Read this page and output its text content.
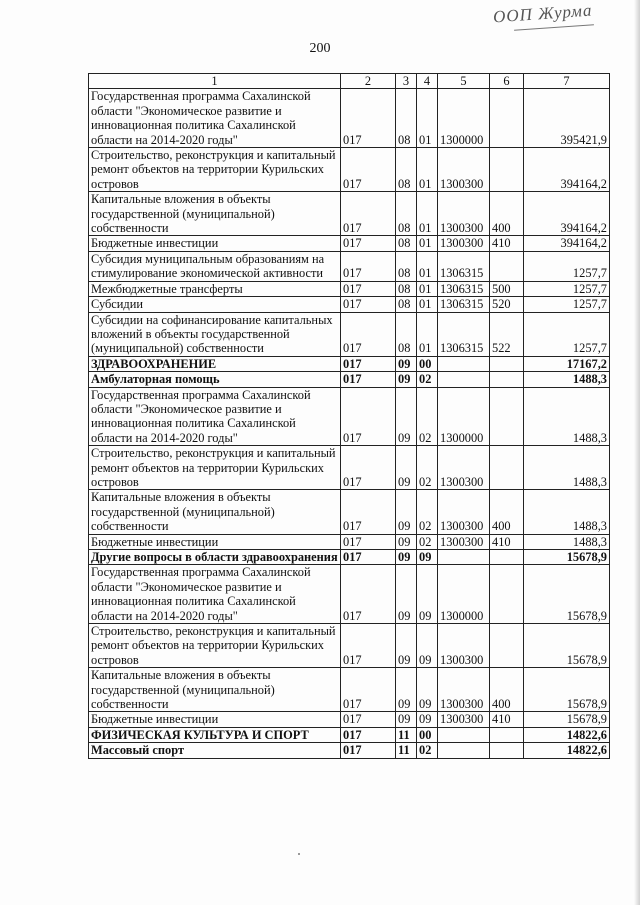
ООП Журма
200
1	2	3	4	5	6	7
Государственная программа Сахалинской области "Экономическое развитие и инновационная политика Сахалинской области на 2014-2020 годы"	017	08	01	1300000		395421,9
Строительство, реконструкция и капитальный ремонт объектов на территории Курильских островов	017	08	01	1300300		394164,2
Капитальные вложения в объекты государственной (муниципальной) собственности	017	08	01	1300300	400	394164,2
Бюджетные инвестиции	017	08	01	1300300	410	394164,2
Субсидия муниципальным образованиям на стимулирование экономической активности	017	08	01	1306315		1257,7
Межбюджетные трансферты	017	08	01	1306315	500	1257,7
Субсидии	017	08	01	1306315	520	1257,7
Субсидии на софинансирование капитальных вложений в объекты государственной (муниципальной) собственности	017	08	01	1306315	522	1257,7
ЗДРАВООХРАНЕНИЕ	017	09	00			17167,2
Амбулаторная помощь	017	09	02			1488,3
Государственная программа Сахалинской области "Экономическое развитие и инновационная политика Сахалинской области на 2014-2020 годы"	017	09	02	1300000		1488,3
Строительство, реконструкция и капитальный ремонт объектов на территории Курильских островов	017	09	02	1300300		1488,3
Капитальные вложения в объекты государственной (муниципальной) собственности	017	09	02	1300300	400	1488,3
Бюджетные инвестиции	017	09	02	1300300	410	1488,3
Другие вопросы в области здравоохранения	017	09	09			15678,9
Государственная программа Сахалинской области "Экономическое развитие и инновационная политика Сахалинской области на 2014-2020 годы"	017	09	09	1300000		15678,9
Строительство, реконструкция и капитальный ремонт объектов на территории Курильских островов	017	09	09	1300300		15678,9
Капитальные вложения в объекты государственной (муниципальной) собственности	017	09	09	1300300	400	15678,9
Бюджетные инвестиции	017	09	09	1300300	410	15678,9
ФИЗИЧЕСКАЯ КУЛЬТУРА И СПОРТ	017	11	00			14822,6
Массовый спорт	017	11	02			14822,6
